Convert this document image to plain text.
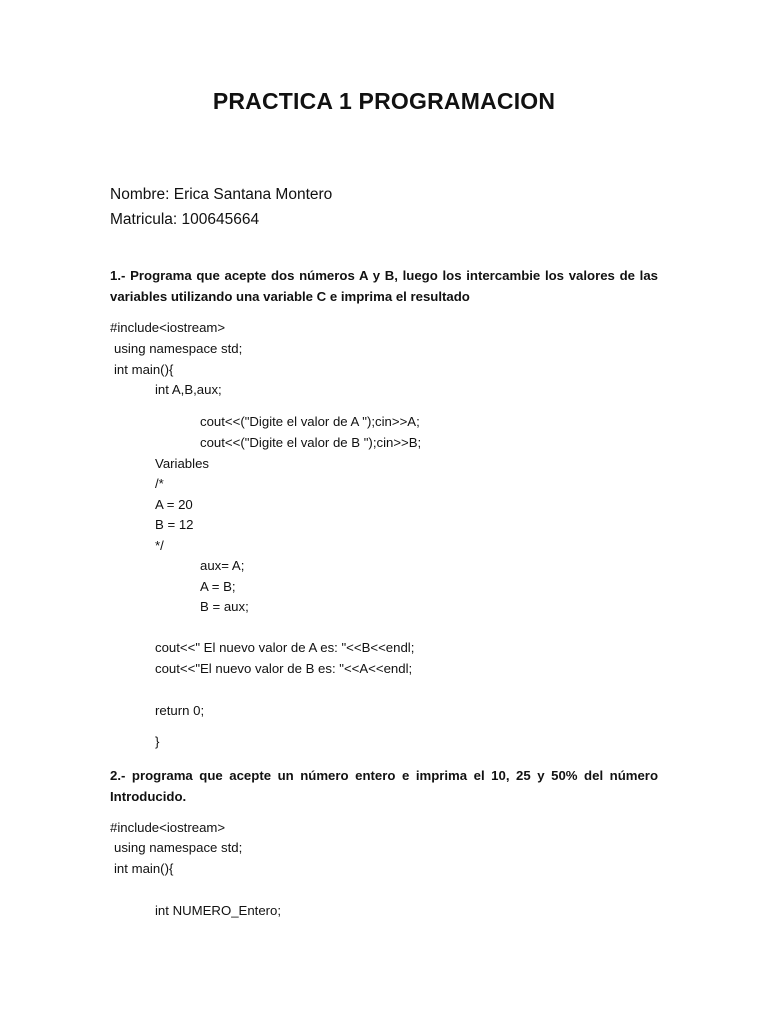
PRACTICA 1 PROGRAMACION
Nombre: Erica Santana Montero
Matricula: 100645664
1.- Programa que acepte dos números A y B, luego los intercambie los valores de las variables utilizando una variable C e imprima el resultado
#include<iostream>
using namespace std;
int main(){
int A,B,aux;
cout<<("Digite el valor de A ");cin>>A;
cout<<("Digite el valor de B ");cin>>B;
Variables
/*
A = 20
B = 12
*/
aux= A;
A = B;
B = aux;
cout<<" El nuevo valor de A es: "<<B<<endl;
cout<<"El nuevo valor de B es: "<<A<<endl;
return 0;
}
2.- programa que acepte un número entero e imprima el 10, 25 y 50% del número Introducido.
#include<iostream>
using namespace std;
int main(){
int NUMERO_Entero;
